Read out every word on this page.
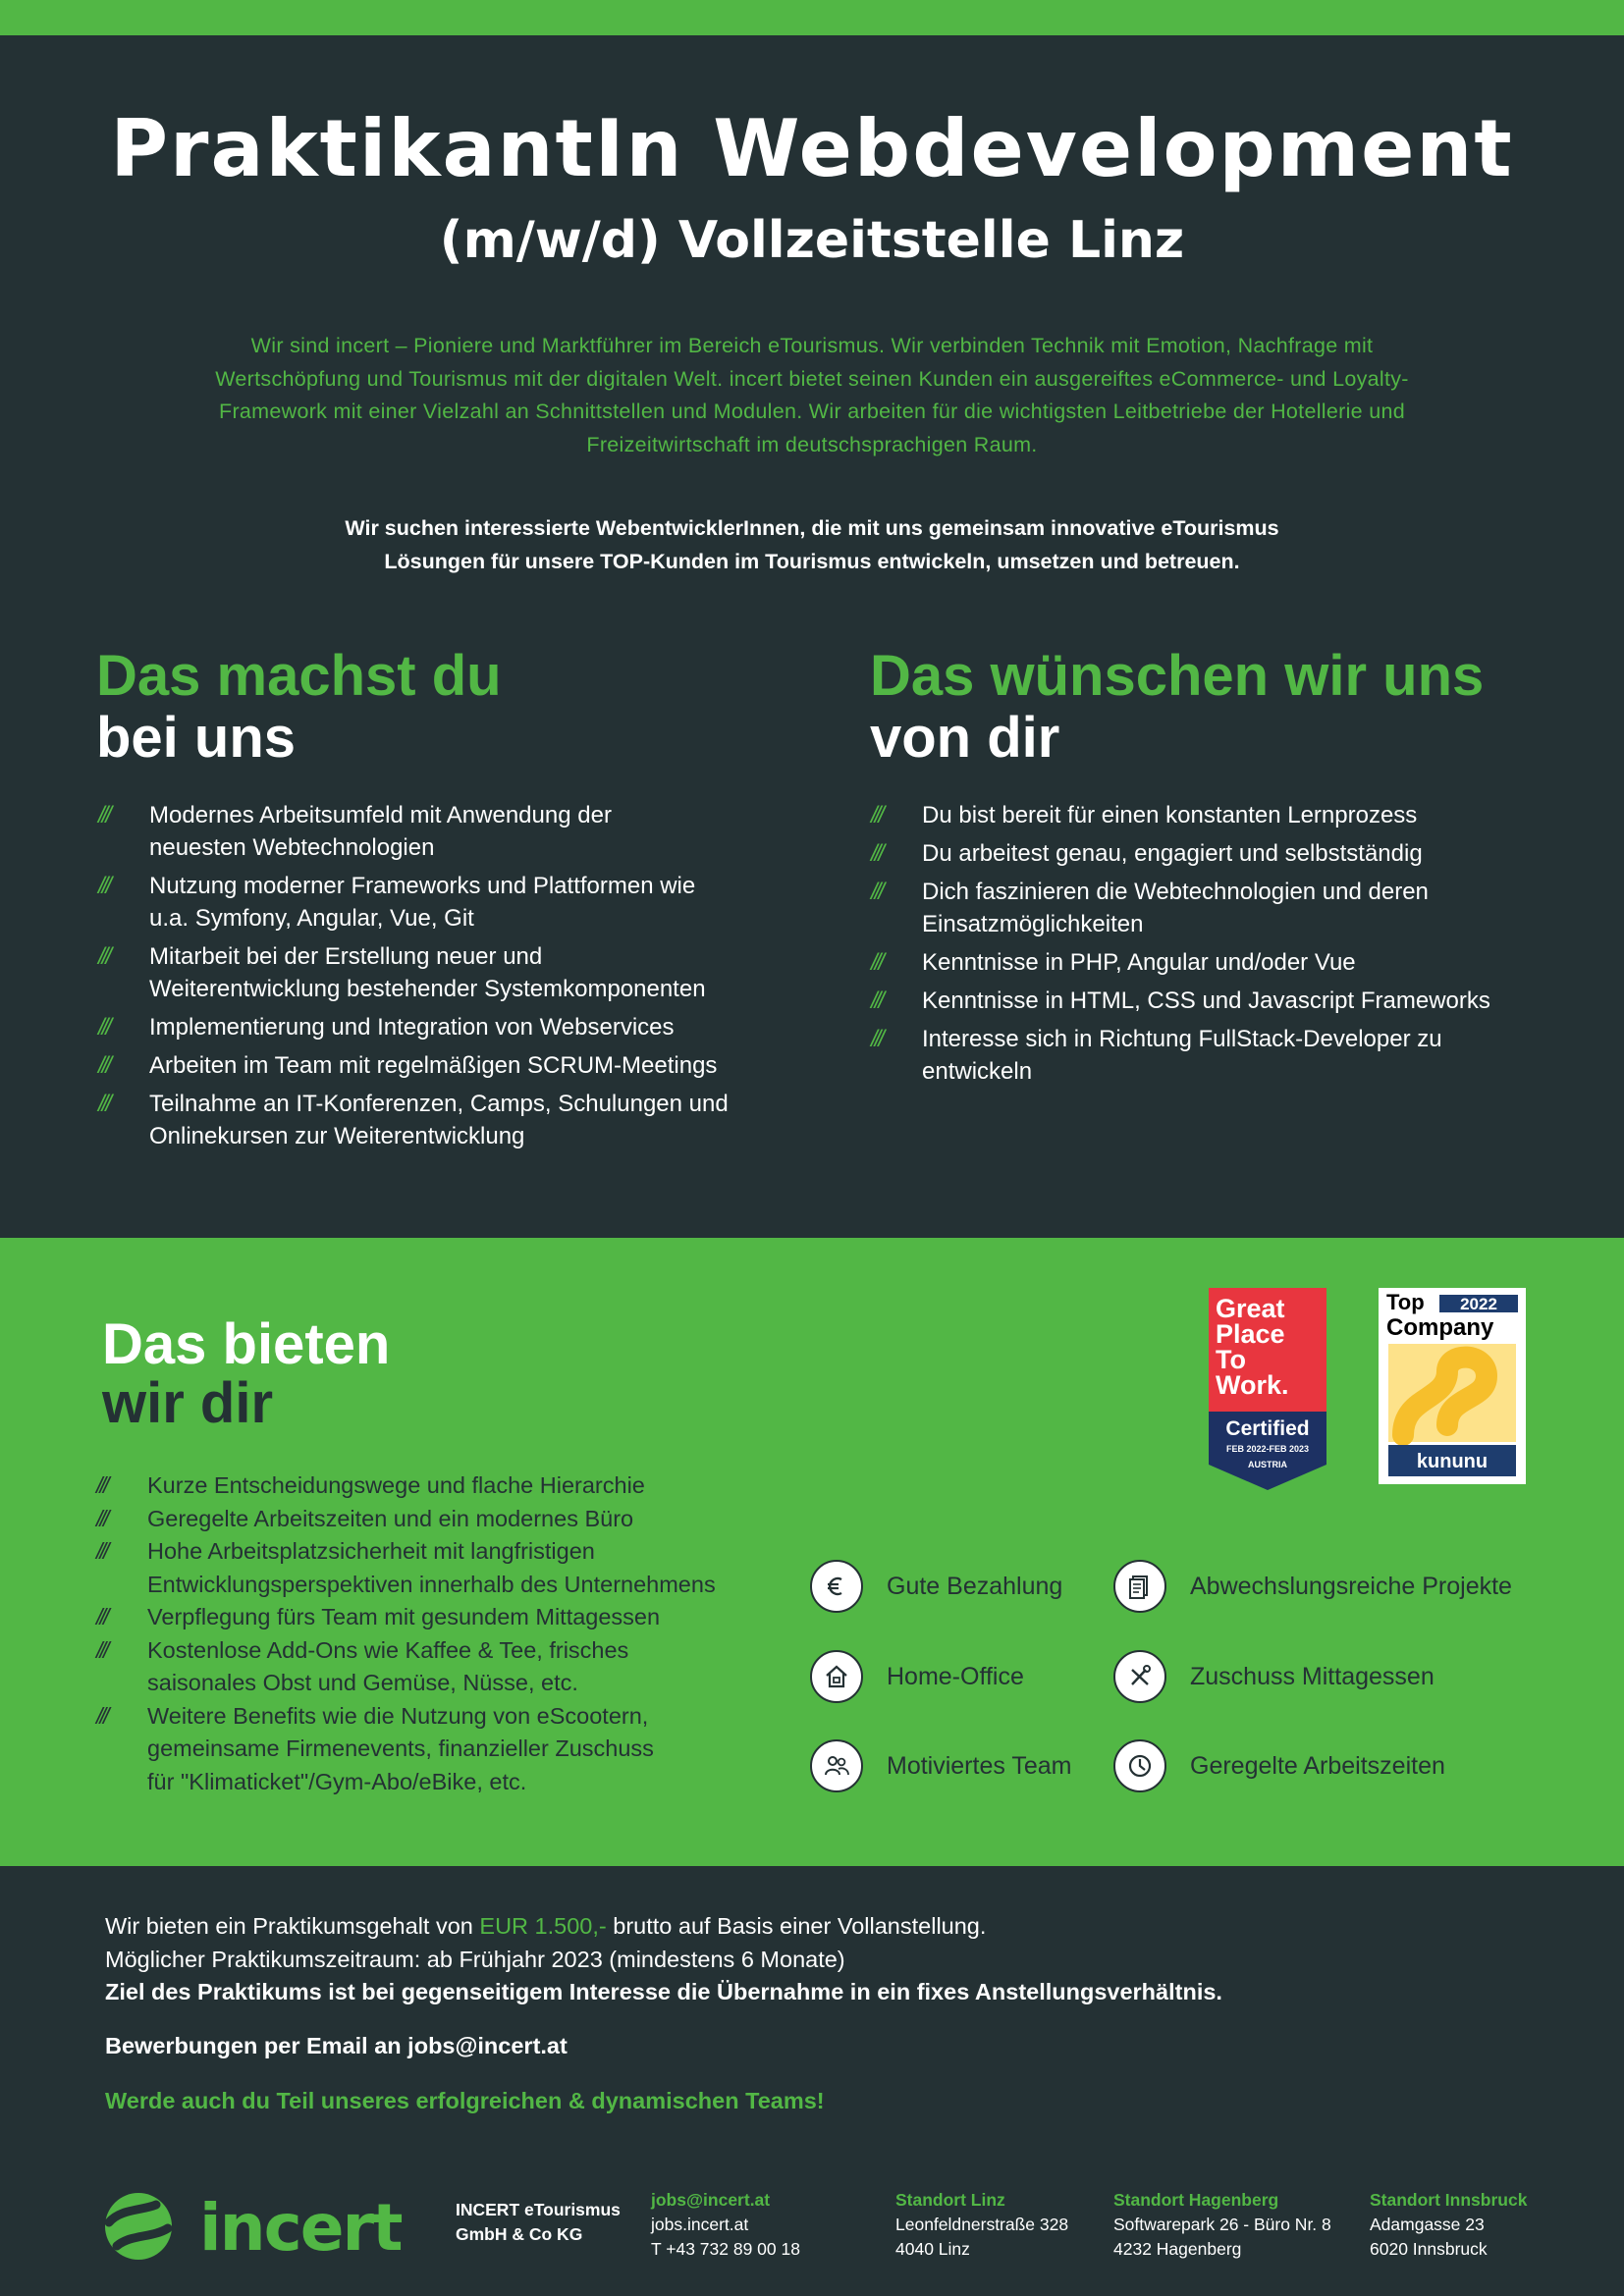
PraktikantIn Webdevelopment
(m/w/d) Vollzeitstelle Linz
Wir sind incert – Pioniere und Marktführer im Bereich eTourismus. Wir verbinden Technik mit Emotion, Nachfrage mit
Wertschöpfung und Tourismus mit der digitalen Welt. incert bietet seinen Kunden ein ausgereiftes eCommerce- und Loyalty-
Framework mit einer Vielzahl an Schnittstellen und Modulen. Wir arbeiten für die wichtigsten Leitbetriebe der Hotellerie und
Freizeitwirtschaft im deutschsprachigen Raum.
Wir suchen interessierte WebentwicklerInnen, die mit uns gemeinsam innovative eTourismus
Lösungen für unsere TOP-Kunden im Tourismus entwickeln, umsetzen und betreuen.
Das machst du
bei uns
/// Modernes Arbeitsumfeld mit Anwendung der
neuesten Webtechnologien
/// Nutzung moderner Frameworks und Plattformen wie
u.a. Symfony, Angular, Vue, Git
/// Mitarbeit bei der Erstellung neuer und
Weiterentwicklung bestehender Systemkomponenten
/// Implementierung und Integration von Webservices
/// Arbeiten im Team mit regelmäßigen SCRUM-Meetings
/// Teilnahme an IT-Konferenzen, Camps, Schulungen und
Onlinekursen zur Weiterentwicklung
Das wünschen wir uns
von dir
/// Du bist bereit für einen konstanten Lernprozess
/// Du arbeitest genau, engagiert und selbstständig
/// Dich faszinieren die Webtechnologien und deren
Einsatzmöglichkeiten
/// Kenntnisse in PHP, Angular und/oder Vue
/// Kenntnisse in HTML, CSS und Javascript Frameworks
/// Interesse sich in Richtung FullStack-Developer zu
entwickeln
Das bieten
wir dir
/// Kurze Entscheidungswege und flache Hierarchie
/// Geregelte Arbeitszeiten und ein modernes Büro
/// Hohe Arbeitsplatzsicherheit mit langfristigen
Entwicklungsperspektiven innerhalb des Unternehmens
/// Verpflegung fürs Team mit gesundem Mittagessen
/// Kostenlose Add-Ons wie Kaffee & Tee, frisches
saisonales Obst und Gemüse, Nüsse, etc.
/// Weitere Benefits wie die Nutzung von eScootern,
gemeinsame Firmenevents, finanzieller Zuschuss
für "Klimaticket"/Gym-Abo/eBike, etc.
Great
Place
To
Work.
Certified
FEB 2022-FEB 2023
AUSTRIA
Top 2022
Company
kununu
Gute Bezahlung	Abwechslungsreiche Projekte
Home-Office	Zuschuss Mittagessen
Motiviertes Team	Geregelte Arbeitszeiten
Wir bieten ein Praktikumsgehalt von EUR 1.500,- brutto auf Basis einer Vollanstellung.
Möglicher Praktikumszeitraum: ab Frühjahr 2023 (mindestens 6 Monate)
Ziel des Praktikums ist bei gegenseitigem Interesse die Übernahme in ein fixes Anstellungsverhältnis.
Bewerbungen per Email an jobs@incert.at
Werde auch du Teil unseres erfolgreichen & dynamischen Teams!
incert	INCERT eTourismus
GmbH & Co KG
jobs@incert.at
jobs.incert.at
T +43 732 89 00 18
Standort Linz
Leonfeldnerstraße 328
4040 Linz
Standort Hagenberg
Softwarepark 26 - Büro Nr. 8
4232 Hagenberg
Standort Innsbruck
Adamgasse 23
6020 Innsbruck
